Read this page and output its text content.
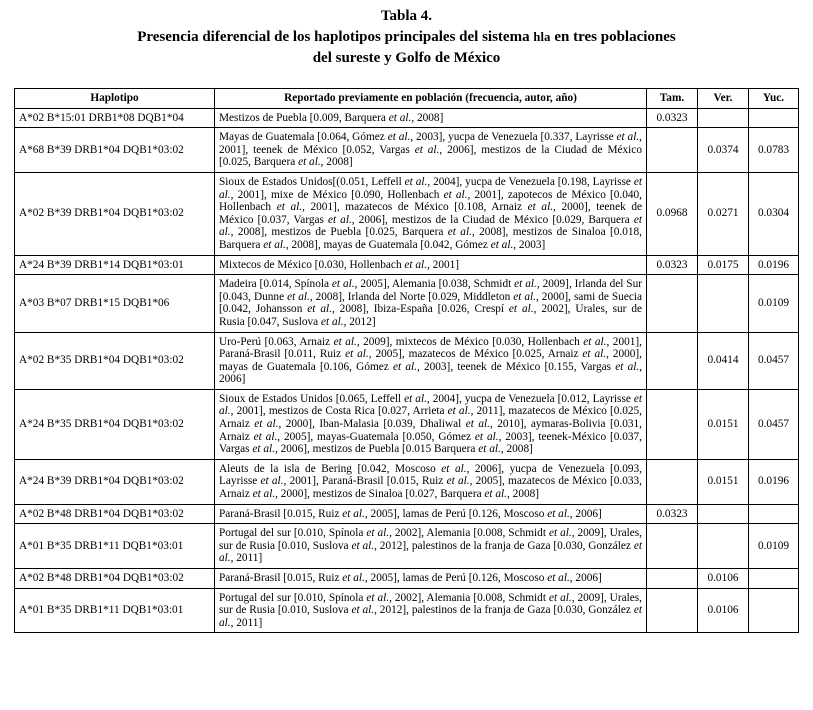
Tabla 4.
Presencia diferencial de los haplotipos principales del sistema hla en tres poblaciones
del sureste y Golfo de México
Haplotipo	Reportado previamente en población (frecuencia, autor, año)	Tam.	Ver.	Yuc.
A*02 B*15:01 DRB1*08 DQB1*04	Mestizos de Puebla [0.009, Barquera et al., 2008]	0.0323		
A*68 B*39 DRB1*04 DQB1*03:02	Mayas de Guatemala [0.064, Gómez et al., 2003], yucpa de Venezuela [0.337, Layrisse et al., 2001], teenek de México [0.052, Vargas et al., 2006], mestizos de la Ciudad de México [0.025, Barquera et al., 2008]		0.0374	0.0783
A*02 B*39 DRB1*04 DQB1*03:02	Sioux de Estados Unidos[(0.051, Leffell et al., 2004], yucpa de Venezuela [0.198, Layrisse et al., 2001], mixe de México [0.090, Hollenbach et al., 2001], zapotecos de México [0.040, Hollenbach et al., 2001], mazatecos de México [0.108, Arnaiz et al., 2000], teenek de México [0.037, Vargas et al., 2006], mestizos de la Ciudad de México [0.029, Barquera et al., 2008], mestizos de Puebla [0.025, Barquera et al., 2008], mestizos de Sinaloa [0.018, Barquera et al., 2008], mayas de Guatemala [0.042, Gómez et al., 2003]	0.0968	0.0271	0.0304
A*24 B*39 DRB1*14 DQB1*03:01	Mixtecos de México [0.030, Hollenbach et al., 2001]	0.0323	0.0175	0.0196
A*03 B*07 DRB1*15 DQB1*06	Madeira [0.014, Spínola et al., 2005], Alemania [0.038, Schmidt et al., 2009], Irlanda del Sur [0.043, Dunne et al., 2008], Irlanda del Norte [0.029, Middleton et al., 2000], sami de Suecia [0.042, Johansson et al., 2008], Ibiza-España [0.026, Crespí et al., 2002], Urales, sur de Rusia [0.047, Suslova et al., 2012]			0.0109
A*02 B*35 DRB1*04 DQB1*03:02	Uro-Perú [0.063, Arnaiz et al., 2009], mixtecos de México [0.030, Hollenbach et al., 2001], Paraná-Brasil [0.011, Ruiz et al., 2005], mazatecos de México [0.025, Arnaiz et al., 2000], mayas de Guatemala [0.106, Gómez et al., 2003], teenek de México [0.155, Vargas et al., 2006]		0.0414	0.0457
A*24 B*35 DRB1*04 DQB1*03:02	Sioux de Estados Unidos [0.065, Leffell et al., 2004], yucpa de Venezuela [0.012, Layrisse et al., 2001], mestizos de Costa Rica [0.027, Arrieta et al., 2011], mazatecos de México [0.025, Arnaiz et al., 2000], Iban-Malasia [0.039, Dhaliwal et al., 2010], aymaras-Bolivia [0.031, Arnaiz et al., 2005], mayas-Guatemala [0.050, Gómez et al., 2003], teenek-México [0.037, Vargas et al., 2006], mestizos de Puebla [0.015 Barquera et al., 2008]		0.0151	0.0457
A*24 B*39 DRB1*04 DQB1*03:02	Aleuts de la isla de Bering [0.042, Moscoso et al., 2006], yucpa de Venezuela [0.093, Layrisse et al., 2001], Paraná-Brasil [0.015, Ruiz et al., 2005], mazatecos de México [0.033, Arnaiz et al., 2000], mestizos de Sinaloa [0.027, Barquera et al., 2008]		0.0151	0.0196
A*02 B*48 DRB1*04 DQB1*03:02	Paraná-Brasil [0.015, Ruiz et al., 2005], lamas de Perú [0.126, Moscoso et al., 2006]	0.0323		
A*01 B*35 DRB1*11 DQB1*03:01	Portugal del sur [0.010, Spínola et al., 2002], Alemania [0.008, Schmidt et al., 2009], Urales, sur de Rusia [0.010, Suslova et al., 2012], palestinos de la franja de Gaza [0.030, González et al., 2011]			0.0109
A*02 B*48 DRB1*04 DQB1*03:02	Paraná-Brasil [0.015, Ruiz et al., 2005], lamas de Perú [0.126, Moscoso et al., 2006]		0.0106	
A*01 B*35 DRB1*11 DQB1*03:01	Portugal del sur [0.010, Spínola et al., 2002], Alemania [0.008, Schmidt et al., 2009], Urales, sur de Rusia [0.010, Suslova et al., 2012], palestinos de la franja de Gaza [0.030, González et al., 2011]		0.0106	
